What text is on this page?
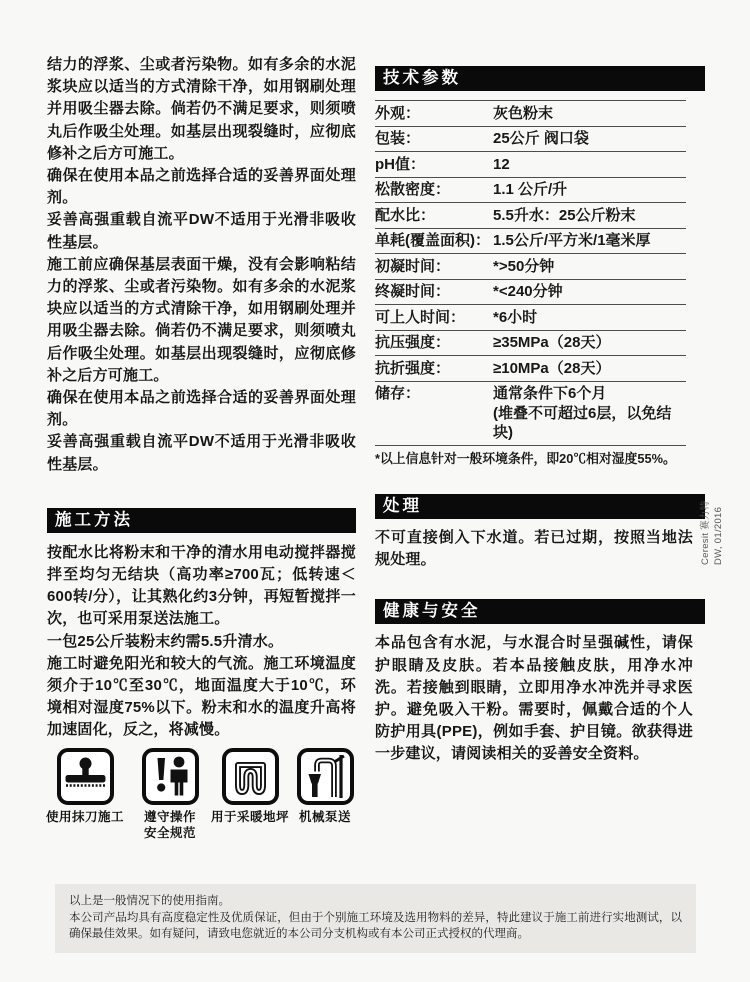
结力的浮浆、尘或者污染物。如有多余的水泥浆块应以适当的方式清除干净，如用钢刷处理并用吸尘器去除。倘若仍不满足要求，则须喷丸后作吸尘处理。如基层出现裂缝时，应彻底修补之后方可施工。

确保在使用本品之前选择合适的妥善界面处理剂。

妥善高强重载自流平DW不适用于光滑非吸收性基层。

施工前应确保基层表面干燥，没有会影响粘结力的浮浆、尘或者污染物。如有多余的水泥浆块应以适当的方式清除干净，如用钢刷处理并用吸尘器去除。倘若仍不满足要求，则须喷丸后作吸尘处理。如基层出现裂缝时，应彻底修补之后方可施工。

确保在使用本品之前选择合适的妥善界面处理剂。

妥善高强重载自流平DW不适用于光滑非吸收性基层。

施工方法

按配水比将粉末和干净的清水用电动搅拌器搅拌至均匀无结块（高功率≥700瓦；低转速＜600转/分），让其熟化约3分钟，再短暂搅拌一次，也可采用泵送法施工。

一包25公斤装粉末约需5.5升清水。

施工时避免阳光和较大的气流。施工环境温度须介于10℃至30℃，地面温度大于10℃，环境相对湿度75%以下。粉末和水的温度升高将加速固化，反之，将减慢。

使用抹刀施工	遵守操作
安全规范
用于采暖地坪 机械泵送
技术参数
外观：	灰色粉末
包装：	25公斤 阀口袋
pH值：	12
松散密度：	1.1 公斤/升
配水比：	5.5升水：25公斤粉末
单耗(覆盖面积)： 1.5公斤/平方米/1毫米厚
初凝时间：	*>50分钟
终凝时间：	*<240分钟
可上人时间：	*6小时
抗压强度：	≥35MPa（28天）
抗折强度：	≥10MPa（28天）
储存：	通常条件下6个月
(堆叠不可超过6层，以免结块)
*以上信息针对一般环境条件，即20℃相对湿度55%。
处理

不可直接倒入下水道。若已过期，按照当地法规处理。

健康与安全

本品包含有水泥，与水混合时呈强碱性，请保护眼睛及皮肤。若本品接触皮肤，用净水冲洗。若接触到眼睛，立即用净水冲洗并寻求医护。避免吸入干粉。需要时，佩戴合适的个人防护用具(PPE)，例如手套、护目镜。欲获得进一步建议，请阅读相关的妥善安全资料。

Ceresit 赛力特 DW, 01/2016

以上是一般情况下的使用指南。

本公司产品均具有高度稳定性及优质保证，但由于个别施工环境及选用物料的差异，特此建议于施工前进行实地测试，以确保最佳效果。如有疑问，请致电您就近的本公司分支机构或有本公司正式授权的代理商。
